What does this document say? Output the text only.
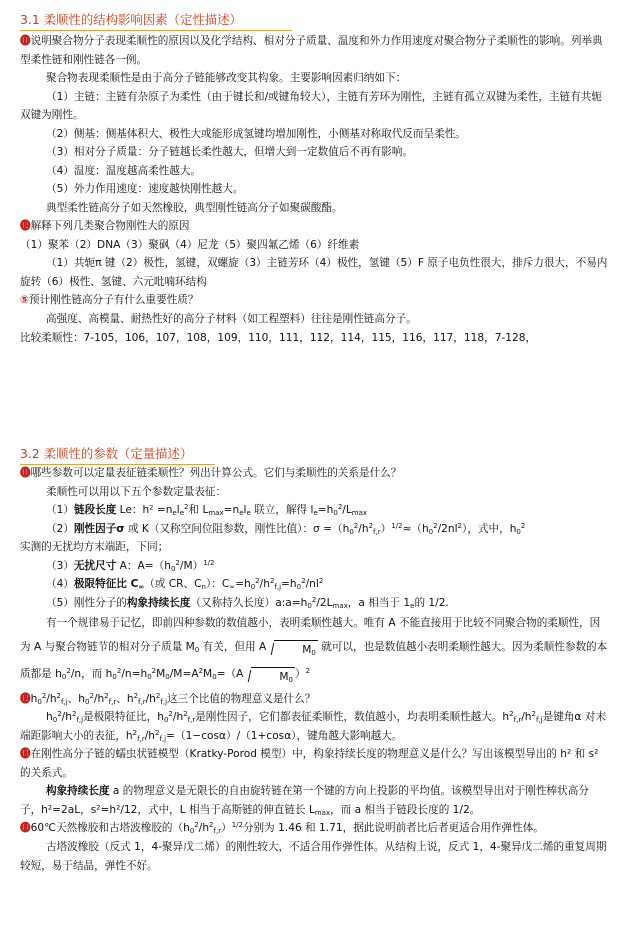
3.1 柔顺性的结构影响因素（定性描述）

⓫说明聚合物分子表现柔顺性的原因以及化学结构、相对分子质量、温度和外力作用速度对聚合物分子柔顺性的影响。列举典型柔性链和刚性链各一例。

聚合物表现柔顺性是由于高分子链能够改变其构象。主要影响因素归纳如下：

（1）主链：主链有杂原子为柔性（由于键长和/或键角较大），主链有芳环为刚性，主链有孤立双键为柔性，主链有共轭双键为刚性。

（2）侧基：侧基体积大、极性大或能形成氢键均增加刚性，小侧基对称取代反而呈柔性。

（3）相对分子质量：分子链越长柔性越大，但增大到一定数值后不再有影响。

（4）温度：温度越高柔性越大。

（5）外力作用速度：速度越快刚性越大。

典型柔性链高分子如天然橡胶，典型刚性链高分子如聚碳酸酯。

⓬解释下列几类聚合物刚性大的原因

（1）聚苯（2）DNA（3）聚砜（4）尼龙（5）聚四氟乙烯（6）纤维素

（1）共轭π 键（2）极性，氢键，双螺旋（3）主链芳环（4）极性，氢键（5）F 原子电负性很大，排斥力很大，不易内旋转（6）极性、氢键、六元吡喃环结构

⑤预计刚性链高分子有什么重要性质？

高强度、高模量、耐热性好的高分子材料（如工程塑料）往往是刚性链高分子。

比较柔顺性：7-105，106，107，108，109，110，111，112，114，115，116，117，118，7-128，

3.2 柔顺性的参数（定量描述）

⓫哪些参数可以定量表征链柔顺性？列出计算公式。它们与柔顺性的关系是什么？

柔顺性可以用以下五个参数定量表征：

（1）链段长度 Le：$h^2 =n_el_e^2$和 $L_{max}=n_el_e$ 联立，解得 $l_e=h_0^2/L_{max}$

（2）刚性因子σ 或 K（又称空间位阻参数，刚性比值）：$\sigma =(h_0^2/h^2_{f,r})^{1/2}\approx(h_0^2/2nl^2)$，式中，$h_0^2$

实测的无扰均方末端距，下同；

（3）无扰尺寸 A：$A=(h_0^2/M)^{1/2}$

（4）极限特征比 $C_\infty$（或 CR、$C_n$）：$C_\infty=h_0^2/h^2_{f,j}=h_0^2/nl^2$

（5）刚性分子的构象持续长度（又称持久长度）$a:a=h_0^2/2L_{max}$，a 相当于 $1_e$的 1/2.

有一个规律易于记忆，即前四种参数的数值越小，表明柔顺性越大。唯有 A 不能直接用于比较不同聚合物的柔顺性，因为 A 与聚合物链节的相对分子质量 $M_0$ 有关，但用 A	$M_0$ 就可以，也是数值越小表明柔顺性越大。因为柔顺性参数的本质都是 $h_0^2/n$，而 $h_0^2/n=h_0^2M_0/M=A^2M_0=(A$	$M_0$ ）$^2$

$⓬h_0^2/h^2_{f,j}$、$h_0^2/h^2_{f,r}$、$h^2_{f,r}/h^2_{f,j}$这三个比值的物理意义是什么？

$h_0^2/h^2_{f,j}$是极限特征比，$h_0^2/h^2_{f,r}$是刚性因子，它们都表征柔顺性，数值越小，均表明柔顺性越大。$h^2_{f,r}/h^2_{f,j}$是键角α 对末端距影响大小的表征，$h^2_{f,r}/h^2_{f,j}=(1-\cos\alpha)/(1+\cos\alpha)$，键角越大影响越大。

⓭在刚性高分子链的蠕虫状链模型（Kratky-Porod 模型）中，构象持续长度的物理意义是什么？写出该模型导出的 h² 和 s² 的关系式。

构象持续长度 a 的物理意义是无限长的自由旋转链在第一个键的方向上投影的平均值。该模型导出对于刚性棒状高分子，h²=2aL，s²=h²/12，式中，L 相当于高斯链的伸直链长 $L_{max}$，而 a 相当于链段长度的 1/2。

⓮60℃天然橡胶和古塔波橡胶的$(h_0^2/h^2_{f,r})^{1/2}$分别为 1.46 和 1.71，据此说明前者比后者更适合用作弹性体。

古塔波橡胶（反式 1，4-聚异戊二烯）的刚性较大，不适合用作弹性体。从结构上说，反式 1，4-聚异戊二烯的重复周期较短，易于结晶，弹性不好。
